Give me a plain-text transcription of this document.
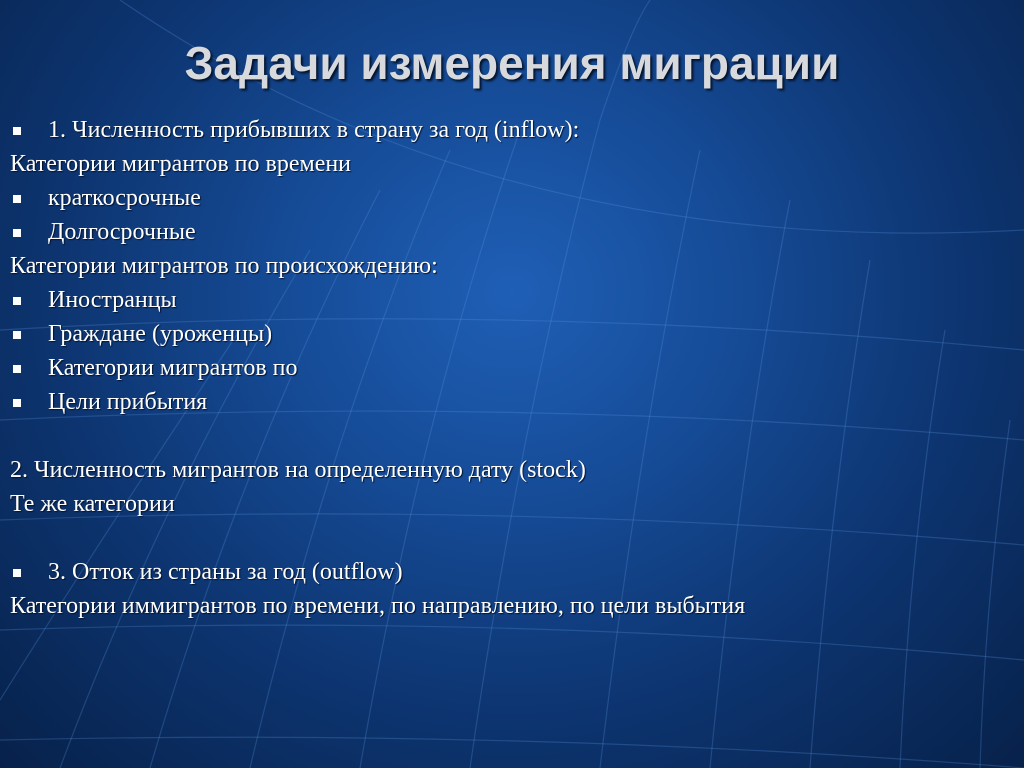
Задачи измерения миграции
1. Численность прибывших в страну за год (inflow):
Категории мигрантов по времени
краткосрочные
Долгосрочные
Категории мигрантов по происхождению:
Иностранцы
Граждане (уроженцы)
Категории мигрантов по
Цели прибытия
2. Численность мигрантов на определенную дату (stock)
Те же категории
3. Отток из страны за год (outflow)
Категории иммигрантов по времени, по направлению, по цели выбытия
